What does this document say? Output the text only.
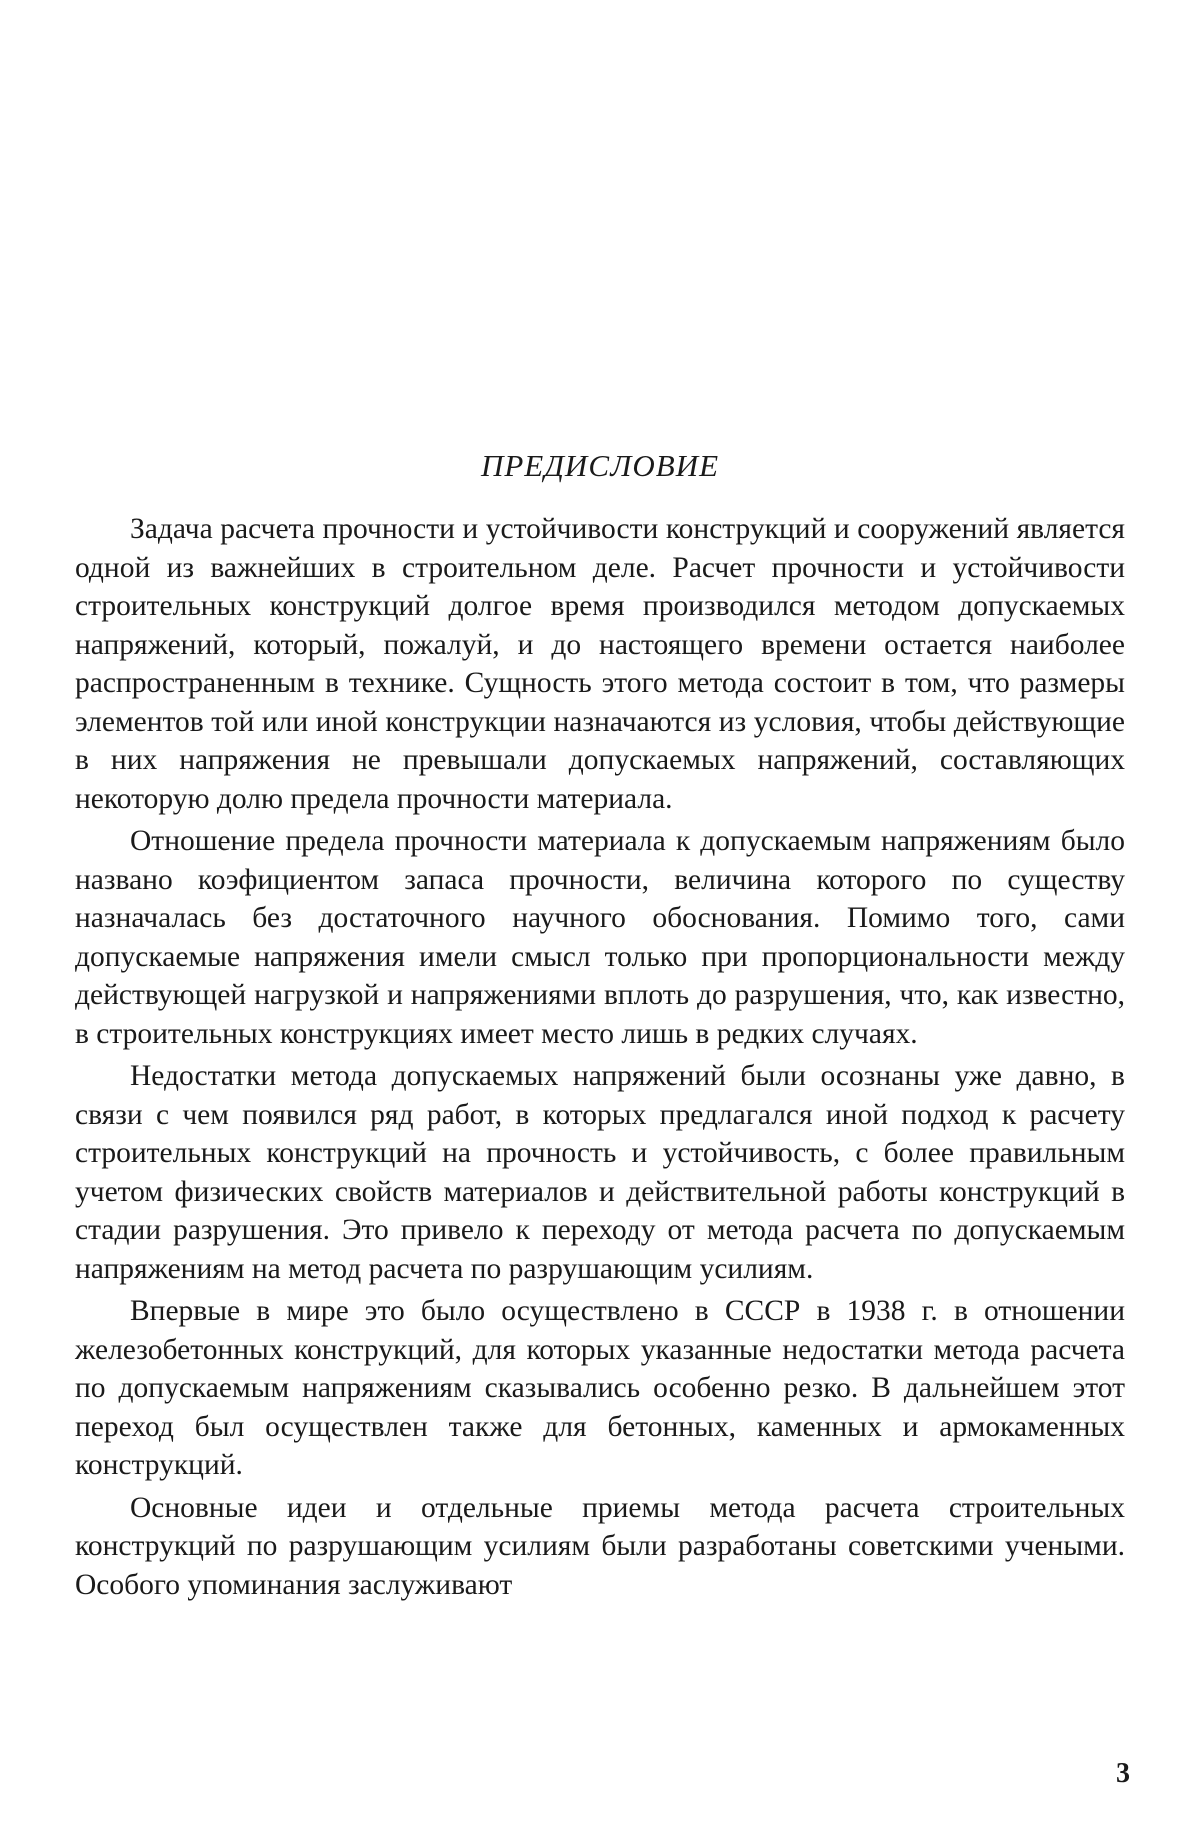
ПРЕДИСЛОВИЕ

Задача расчета прочности и устойчивости конструкций и сооружений является одной из важнейших в строительном деле. Расчет прочности и устойчивости строительных конструкций долгое время производился методом допускаемых напряжений, который, пожалуй, и до настоящего времени остается наиболее распространенным в технике. Сущность этого метода состоит в том, что размеры элементов той или иной конструкции назначаются из условия, чтобы действующие в них напряжения не превышали допускаемых напряжений, составляющих некоторую долю предела прочности материала.

Отношение предела прочности материала к допускаемым напряжениям было названо коэфициентом запаса прочности, величина которого по существу назначалась без достаточного научного обоснования. Помимо того, сами допускаемые напряжения имели смысл только при пропорциональности между действующей нагрузкой и напряжениями вплоть до разрушения, что, как известно, в строительных конструкциях имеет место лишь в редких случаях.

Недостатки метода допускаемых напряжений были осознаны уже давно, в связи с чем появился ряд работ, в которых предлагался иной подход к расчету строительных конструкций на прочность и устойчивость, с более правильным учетом физических свойств материалов и действительной работы конструкций в стадии разрушения. Это привело к переходу от метода расчета по допускаемым напряжениям на метод расчета по разрушающим усилиям.

Впервые в мире это было осуществлено в СССР в 1938 г. в отношении железобетонных конструкций, для которых указанные недостатки метода расчета по допускаемым напряжениям сказывались особенно резко. В дальнейшем этот переход был осуществлен также для бетонных, каменных и армокаменных конструкций.

Основные идеи и отдельные приемы метода расчета строительных конструкций по разрушающим усилиям были разработаны советскими учеными. Особого упоминания заслуживают

3
